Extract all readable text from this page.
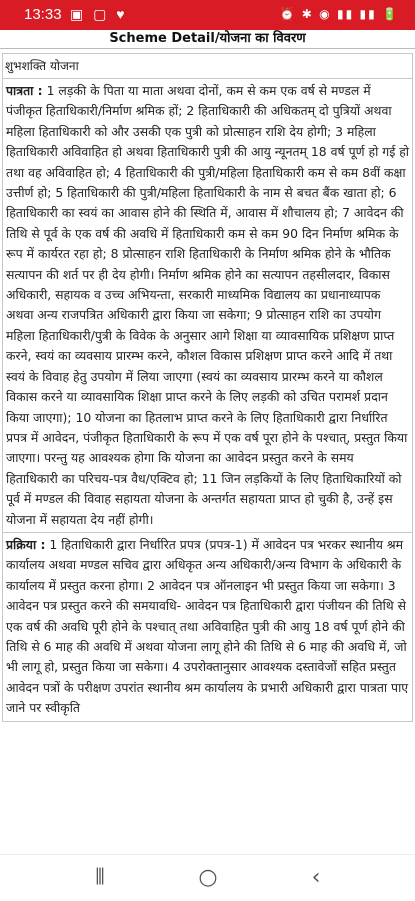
13:33 ▣ ▢ ♥	⏰ ✱ ◉ ▮▮ ▮▮ 🔋
Scheme Detail/योजना का विवरण
शुभशक्ति योजना
पात्रता : 1 लड़की के पिता या माता अथवा दोनों, कम से कम एक वर्ष से मण्डल में पंजीकृत हिताधिकारी/निर्माण श्रमिक हों; 2 हिताधिकारी की अधिकतम् दो पुत्रियों अथवा महिला हिताधिकारी को और उसकी एक पुत्री को प्रोत्साहन राशि देय होगी; 3 महिला हिताधिकारी अविवाहित हो अथवा हिताधिकारी पुत्री की आयु न्यूनतम् 18 वर्ष पूर्ण हो गई हो तथा वह अविवाहित हो; 4 हिताधिकारी की पुत्री/महिला हिताधिकारी कम से कम 8वीं कक्षा उत्तीर्ण हो; 5 हिताधिकारी की पुत्री/महिला हिताधिकारी के नाम से बचत बैंक खाता हो; 6 हिताधिकारी का स्वयं का आवास होने की स्थिति में, आवास में शौचालय हो; 7 आवेदन की तिथि से पूर्व के एक वर्ष की अवधि में हिताधिकारी कम से कम 90 दिन निर्माण श्रमिक के रूप में कार्यरत रहा हो; 8 प्रोत्साहन राशि हिताधिकारी के निर्माण श्रमिक होने के भौतिक सत्यापन की शर्त पर ही देय होगी। निर्माण श्रमिक होने का सत्यापन तहसीलदार, विकास अधिकारी, सहायक व उच्च अभियन्ता, सरकारी माध्यमिक विद्यालय का प्रधानाध्यापक अथवा अन्य राजपत्रित अधिकारी द्वारा किया जा सकेगा; 9 प्रोत्साहन राशि का उपयोग महिला हिताधिकारी/पुत्री के विवेक के अनुसार आगे शिक्षा या व्यावसायिक प्रशिक्षण प्राप्त करने, स्वयं का व्यवसाय प्रारम्भ करने, कौशल विकास प्रशिक्षण प्राप्त करने आदि में तथा स्वयं के विवाह हेतु उपयोग में लिया जाएगा (स्वयं का व्यवसाय प्रारम्भ करने या कौशल विकास करने या व्यावसायिक शिक्षा प्राप्त करने के लिए लड़की को उचित परामर्श प्रदान किया जाएगा); 10 योजना का हितलाभ प्राप्त करने के लिए हिताधिकारी द्वारा निर्धारित प्रपत्र में आवेदन, पंजीकृत हिताधिकारी के रूप में एक वर्ष पूरा होने के पश्चात्, प्रस्तुत किया जाएगा। परन्तु यह आवश्यक होगा कि योजना का आवेदन प्रस्तुत करने के समय हिताधिकारी का परिचय-पत्र वैध/एक्टिव हो; 11 जिन लड़कियों के लिए हिताधिकारियों को पूर्व में मण्डल की विवाह सहायता योजना के अन्तर्गत सहायता प्राप्त हो चुकी है, उन्हें इस योजना में सहायता देय नहीं होगी।
प्रक्रिया : 1 हिताधिकारी द्वारा निर्धारित प्रपत्र (प्रपत्र-1) में आवेदन पत्र भरकर स्थानीय श्रम कार्यालय अथवा मण्डल सचिव द्वारा अधिकृत अन्य अधिकारी/अन्य विभाग के अधिकारी के कार्यालय में प्रस्तुत करना होगा। 2 आवेदन पत्र ऑनलाइन भी प्रस्तुत किया जा सकेगा। 3 आवेदन पत्र प्रस्तुत करने की समयावधि- आवेदन पत्र हिताधिकारी द्वारा पंजीयन की तिथि से एक वर्ष की अवधि पूरी होने के पश्चात् तथा अविवाहित पुत्री की आयु 18 वर्ष पूर्ण होने की तिथि से 6 माह की अवधि में अथवा योजना लागू होने की तिथि से 6 माह की अवधि में, जो भी लागू हो, प्रस्तुत किया जा सकेगा। 4 उपरोक्तानुसार आवश्यक दस्तावेजों सहित प्रस्तुत आवेदन पत्रों के परीक्षण उपरांत स्थानीय श्रम कार्यालय के प्रभारी अधिकारी द्वारा पात्रता पाए जाने पर स्वीकृति
⫴	○	‹
